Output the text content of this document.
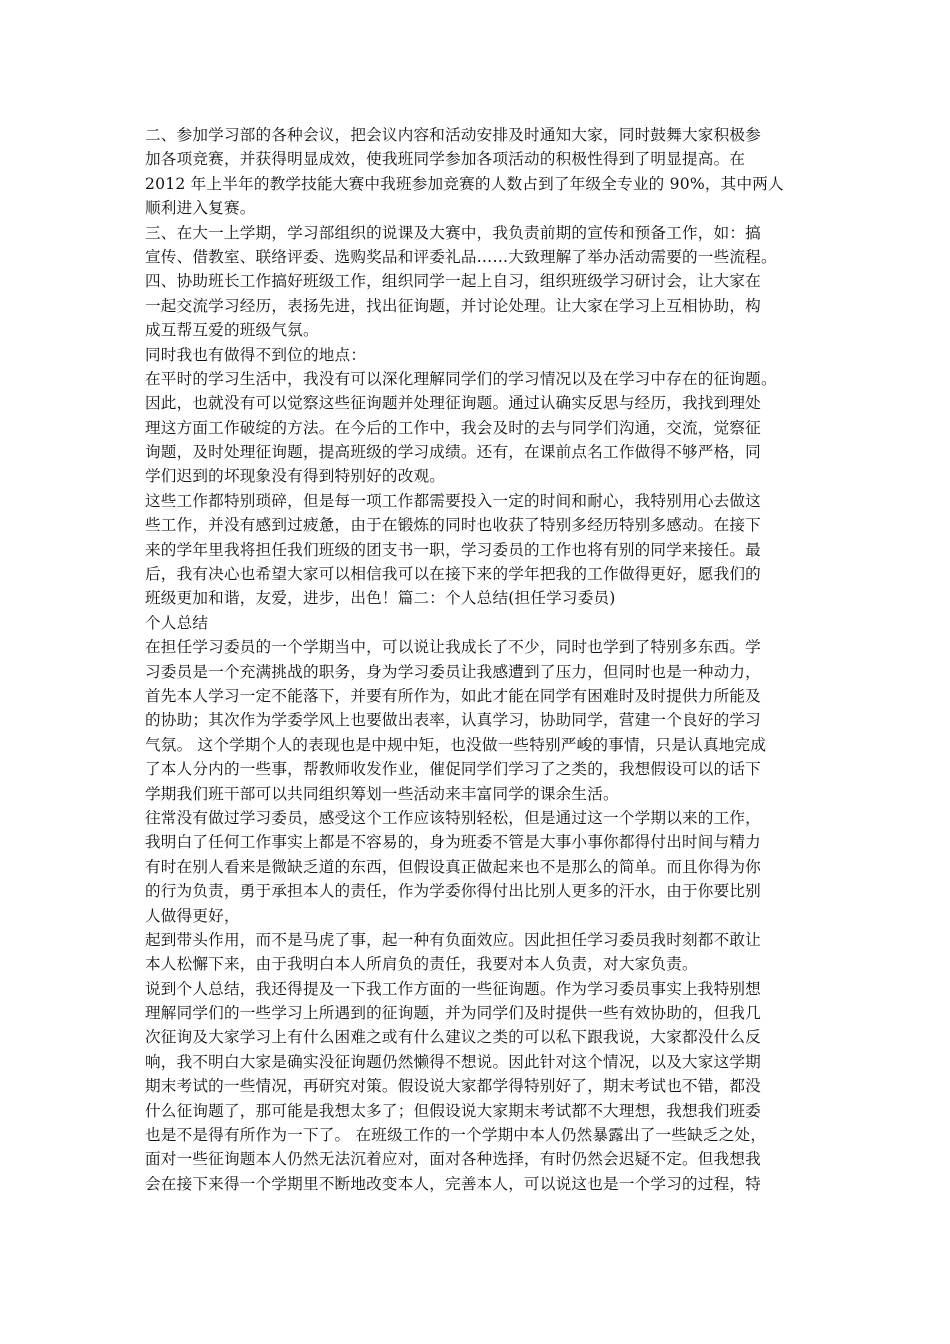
二、参加学习部的各种会议，把会议内容和活动安排及时通知大家，同时鼓舞大家积极参
加各项竞赛，并获得明显成效，使我班同学参加各项活动的积极性得到了明显提高。在
2012 年上半年的教学技能大赛中我班参加竞赛的人数占到了年级全专业的 90%，其中两人
顺利进入复赛。
三、在大一上学期，学习部组织的说课及大赛中，我负责前期的宣传和预备工作，如：搞
宣传、借教室、联络评委、选购奖品和评委礼品……大致理解了举办活动需要的一些流程。
四、协助班长工作搞好班级工作，组织同学一起上自习，组织班级学习研讨会，让大家在
一起交流学习经历，表扬先进，找出征询题，并讨论处理。让大家在学习上互相协助，构
成互帮互爱的班级气氛。
同时我也有做得不到位的地点：
在平时的学习生活中，我没有可以深化理解同学们的学习情况以及在学习中存在的征询题。
因此，也就没有可以觉察这些征询题并处理征询题。通过认确实反思与经历，我找到理处
理这方面工作破绽的方法。在今后的工作中，我会及时的去与同学们沟通，交流，觉察征
询题，及时处理征询题，提高班级的学习成绩。还有，在课前点名工作做得不够严格，同
学们迟到的坏现象没有得到特别好的改观。
这些工作都特别琐碎，但是每一项工作都需要投入一定的时间和耐心，我特别用心去做这
些工作，并没有感到过疲惫，由于在锻炼的同时也收获了特别多经历特别多感动。在接下
来的学年里我将担任我们班级的团支书一职，学习委员的工作也将有别的同学来接任。最
后，我有决心也希望大家可以相信我可以在接下来的学年把我的工作做得更好，愿我们的
班级更加和谐，友爱，进步，出色！篇二：个人总结(担任学习委员)
个人总结
在担任学习委员的一个学期当中，可以说让我成长了不少，同时也学到了特别多东西。学
习委员是一个充满挑战的职务，身为学习委员让我感遭到了压力，但同时也是一种动力，
首先本人学习一定不能落下，并要有所作为，如此才能在同学有困难时及时提供力所能及
的协助；其次作为学委学风上也要做出表率，认真学习，协助同学，营建一个良好的学习
气氛。 这个学期个人的表现也是中规中矩，也没做一些特别严峻的事情，只是认真地完成
了本人分内的一些事，帮教师收发作业，催促同学们学习了之类的，我想假设可以的话下
学期我们班干部可以共同组织筹划一些活动来丰富同学的课余生活。
往常没有做过学习委员，感受这个工作应该特别轻松，但是通过这一个学期以来的工作，
我明白了任何工作事实上都是不容易的，身为班委不管是大事小事你都得付出时间与精力
有时在别人看来是微缺乏道的东西，但假设真正做起来也不是那么的简单。而且你得为你
的行为负责，勇于承担本人的责任，作为学委你得付出比别人更多的汗水，由于你要比别
人做得更好，
起到带头作用，而不是马虎了事，起一种有负面效应。因此担任学习委员我时刻都不敢让
本人松懈下来，由于我明白本人所肩负的责任，我要对本人负责，对大家负责。
说到个人总结，我还得提及一下我工作方面的一些征询题。作为学习委员事实上我特别想
理解同学们的一些学习上所遇到的征询题，并为同学们及时提供一些有效协助的，但我几
次征询及大家学习上有什么困难之或有什么建议之类的可以私下跟我说，大家都没什么反
响，我不明白大家是确实没征询题仍然懒得不想说。因此针对这个情况，以及大家这学期
期末考试的一些情况，再研究对策。假设说大家都学得特别好了，期末考试也不错，都没
什么征询题了，那可能是我想太多了；但假设说大家期末考试都不大理想，我想我们班委
也是不是得有所作为一下了。 在班级工作的一个学期中本人仍然暴露出了一些缺乏之处，
面对一些征询题本人仍然无法沉着应对，面对各种选择，有时仍然会迟疑不定。但我想我
会在接下来得一个学期里不断地改变本人，完善本人，可以说这也是一个学习的过程，特
